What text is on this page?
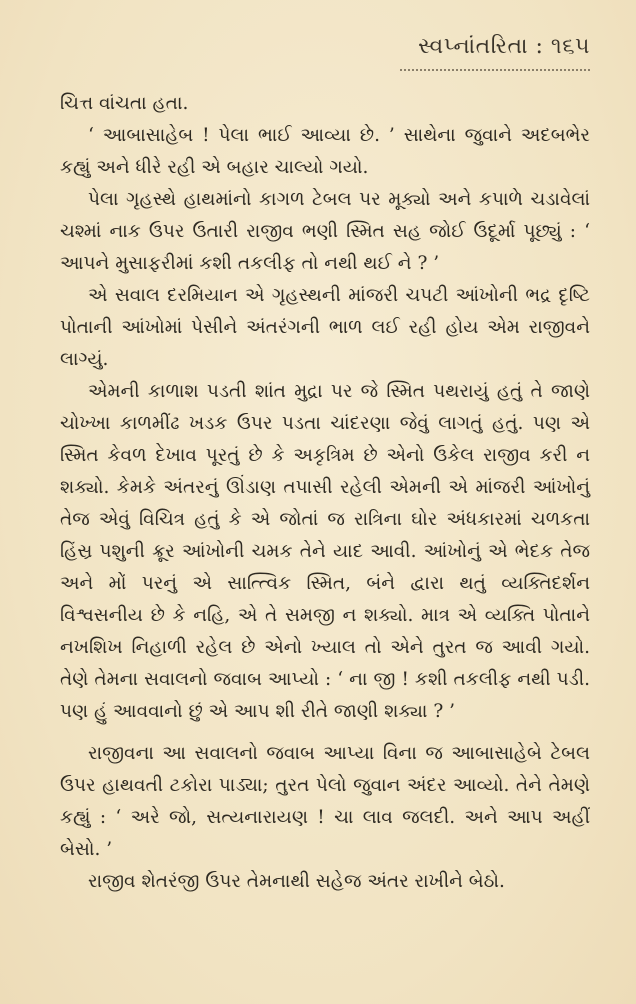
સ્વપ્નાંતરિતા : ૧૬૫

ચિત્ત વાંચતા હતા.

‘ આબાસાહેબ ! પેલા ભાઈ આવ્યા છે. ’ સાથેના જુવાને અદબભેર કહ્યું અને ધીરે રહી એ બહાર ચાલ્યો ગયો.

પેલા ગૃહસ્થે હાથમાંનો કાગળ ટેબલ પર મૂક્યો અને કપાળે ચડાવેલાં ચશ્માં નાક ઉપર ઉતારી રાજીવ ભણી સ્મિત સહ જોઈ ઉદૂર્મા પૂછ્યું : ‘ આપને મુસાફરીમાં કશી તકલીફ તો નથી થઈ ને ? ’

એ સવાલ દરમિયાન એ ગૃહસ્થની માંજરી ચપટી આંખોની ભદ્ર દૃષ્ટિ પોતાની આંખોમાં પેસીને અંતરંગની ભાળ લઈ રહી હોય એમ રાજીવને લાગ્યું.

એમની કાળાશ પડતી શાંત મુદ્રા પર જે સ્મિત પથરાયું હતું તે જાણે ચોખ્ખા કાળમીંઢ ખડક ઉપર પડતા ચાંદરણા જેવું લાગતું હતું. પણ એ સ્મિત કેવળ દેખાવ પૂરતું છે કે અકૃત્રિમ છે એનો ઉકેલ રાજીવ કરી ન શક્યો. કેમકે અંતરનું ઊંડાણ તપાસી રહેલી એમની એ માંજરી આંખોનું તેજ એવું વિચિત્ર હતું કે એ જોતાં જ રાત્રિના ઘોર અંધકારમાં ચળકતા હિંસ્ર પશુની ક્રૂર આંખોની ચમક તેને યાદ આવી. આંખોનું એ ભેદક તેજ અને મોં પરનું એ સાત્ત્વિક સ્મિત, બંને દ્વારા થતું વ્યક્તિદર્શન વિશ્વસનીય છે કે નહિ, એ તે સમજી ન શક્યો. માત્ર એ વ્યક્તિ પોતાને નખશિખ નિહાળી રહેલ છે એનો ખ્યાલ તો એને તુરત જ આવી ગયો. તેણે તેમના સવાલનો જવાબ આપ્યો : ‘ ના જી ! કશી તકલીફ નથી પડી. પણ હું આવવાનો છું એ આપ શી રીતે જાણી શક્યા ? ’

રાજીવના આ સવાલનો જવાબ આપ્યા વિના જ આબાસાહેબે ટેબલ ઉપર હાથવતી ટકોરા પાડ્યા; તુરત પેલો જુવાન અંદર આવ્યો. તેને તેમણે કહ્યું : ‘ અરે જો, સત્યનારાયણ ! ચા લાવ જલદી. અને આપ અહીં બેસો. ’

રાજીવ શેતરંજી ઉપર તેમનાથી સહેજ અંતર રાખીને બેઠો.
